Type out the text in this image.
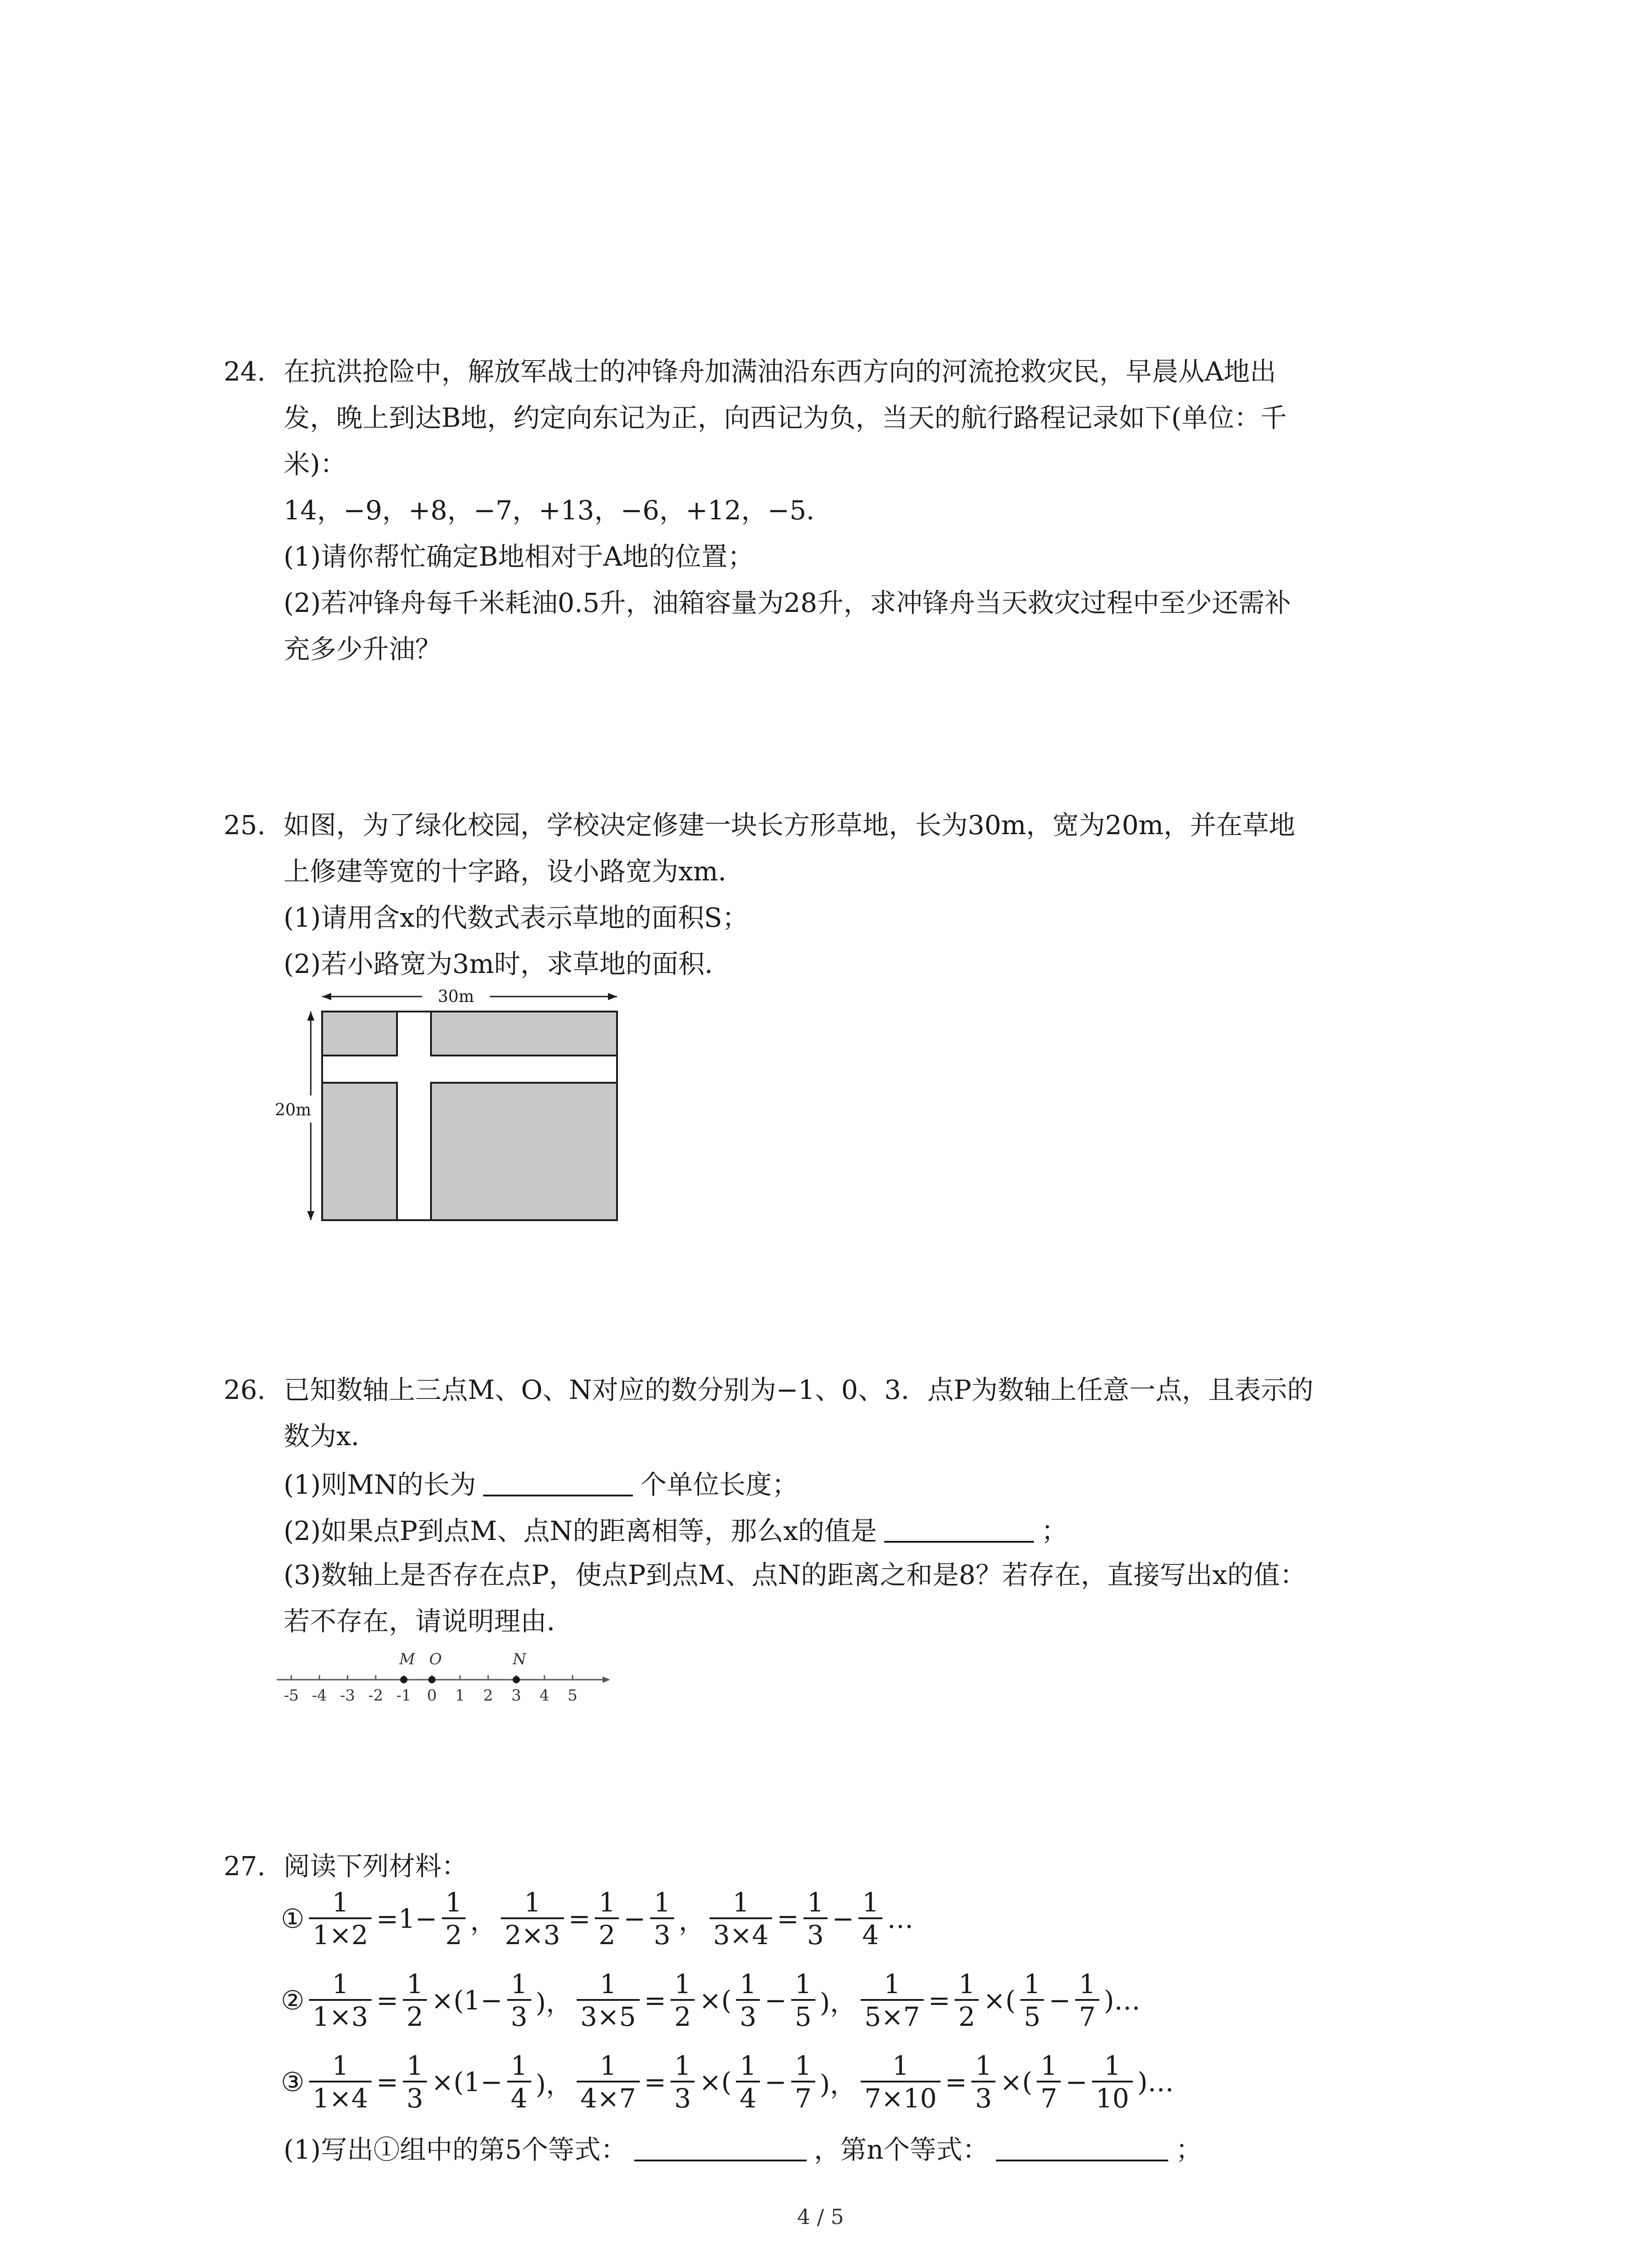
24. 在抗洪抢险中，解放军战士的冲锋舟加满油沿东西方向的河流抢救灾民，早晨从A地出
发，晚上到达B地，约定向东记为正，向西记为负，当天的航行路程记录如下(单位：千
米)：
14，−9，+8，−7，+13，−6，+12，−5．
(1)请你帮忙确定B地相对于A地的位置；
(2)若冲锋舟每千米耗油0.5升，油箱容量为28升，求冲锋舟当天救灾过程中至少还需补
充多少升油？
25. 如图，为了绿化校园，学校决定修建一块长方形草地，长为30m，宽为20m，并在草地
上修建等宽的十字路，设小路宽为xm．
(1)请用含x的代数式表示草地的面积S；
(2)若小路宽为3m时，求草地的面积．
30m
20m
26. 已知数轴上三点M、O、N对应的数分别为−1、0、3．点P为数轴上任意一点，且表示的
数为x．
(1)则MN的长为	个单位长度；
(2)如果点P到点M、点N的距离相等，那么x的值是	；
(3)数轴上是否存在点P，使点P到点M、点N的距离之和是8？若存在，直接写出x的值：
若不存在，请说明理由．
-5 -4 -3 -2 -1 0 1 2 3 4 5
M O	N
27. 阅读下列材料：
① $\frac{1}{1\times 2} =1- \frac{1}{2}$ ， $\frac{1}{2\times 3} = \frac{1}{2} - \frac{1}{3}$ ， $\frac{1}{3\times 4} = \frac{1}{3} - \frac{1}{4}$ …
② $\frac{1}{1\times 3} = \frac{1}{2} \times(1- \frac{1}{3}$ )， $\frac{1}{3\times 5} = \frac{1}{2}$ ×( $\frac{1}{3} - \frac{1}{5}$ )， $\frac{1}{5\times 7} = \frac{1}{2}$ ×( $\frac{1}{5} - \frac{1}{7}$ )…
③ $\frac{1}{1\times 4} = \frac{1}{3} \times(1- \frac{1}{4}$ )， $\frac{1}{4\times 7} = \frac{1}{3}$ ×( $\frac{1}{4} - \frac{1}{7}$ )， $\frac{1}{7\times 10} = \frac{1}{3}$ ×( $\frac{1}{7} - \frac{1}{10}$ )…
(1)写出①组中的第5个等式：	，第n个等式：	；
4 / 5
